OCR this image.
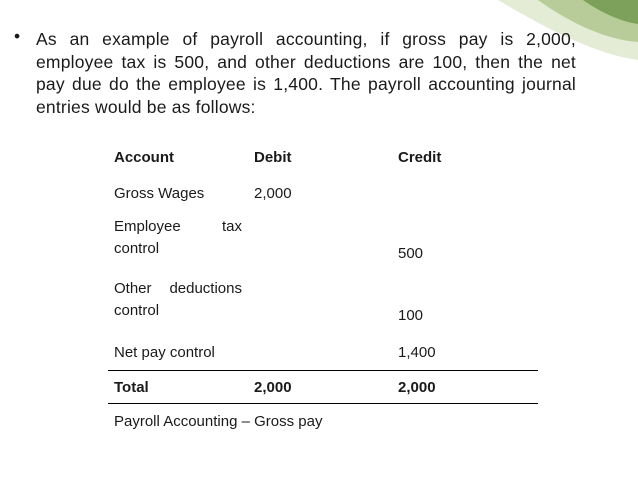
• As an example of payroll accounting, if gross pay is 2,000, employee tax is 500, and other deductions are 100, then the net pay due do the employee is 1,400. The payroll accounting journal entries would be as follows:
Account	Debit	Credit
Gross Wages	2,000	

Employee tax
control		500

Other deductions
control		100

Net pay control		1,400
Total	2,000	2,000
Payroll Accounting – Gross pay		
